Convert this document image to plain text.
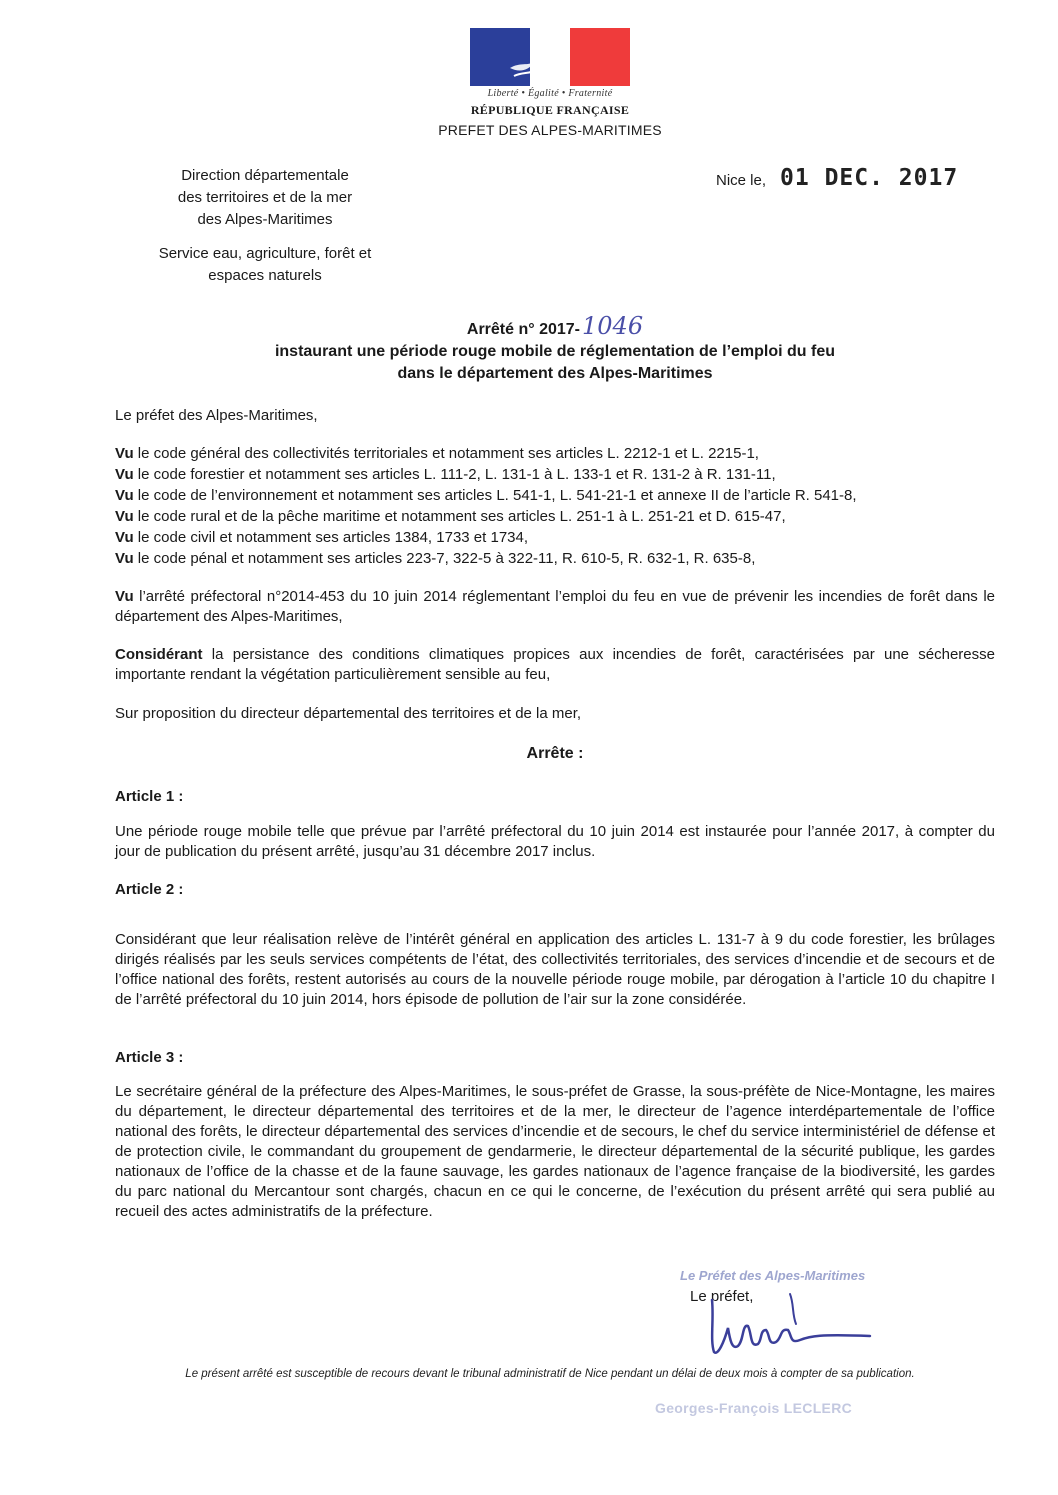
Liberté • Égalité • Fraternité
RÉPUBLIQUE FRANÇAISE
PREFET DES ALPES-MARITIMES

Direction départementale

des territoires et de la mer

des Alpes-Maritimes

Service eau, agriculture, forêt et

espaces naturels

Nice le, 01 DEC. 2017
Arrêté n° 2017-1046
instaurant une période rouge mobile de réglementation de l’emploi du feu
dans le département des Alpes-Maritimes
Le préfet des Alpes-Maritimes,
Vu le code général des collectivités territoriales et notamment ses articles L. 2212-1 et L. 2215-1,
Vu le code forestier et notamment ses articles L. 111-2, L. 131-1 à L. 133-1 et R. 131-2 à R. 131-11,
Vu le code de l’environnement et notamment ses articles L. 541-1, L. 541-21-1 et annexe II de l’article R. 541-8,
Vu le code rural et de la pêche maritime et notamment ses articles L. 251-1 à L. 251-21 et D. 615-47,
Vu le code civil et notamment ses articles 1384, 1733 et 1734,
Vu le code pénal et notamment ses articles 223-7, 322-5 à 322-11, R. 610-5, R. 632-1, R. 635-8,
Vu l’arrêté préfectoral n°2014-453 du 10 juin 2014 réglementant l’emploi du feu en vue de prévenir les incendies de forêt dans le département des Alpes-Maritimes,
Considérant la persistance des conditions climatiques propices aux incendies de forêt, caractérisées par une sécheresse importante rendant la végétation particulièrement sensible au feu,
Sur proposition du directeur départemental des territoires et de la mer,
Arrête :
Article 1 :
Une période rouge mobile telle que prévue par l’arrêté préfectoral du 10 juin 2014 est instaurée pour l’année 2017, à compter du jour de publication du présent arrêté, jusqu’au 31 décembre 2017 inclus.
Article 2 :
Considérant que leur réalisation relève de l’intérêt général en application des articles L. 131-7 à 9 du code forestier, les brûlages dirigés réalisés par les seuls services compétents de l’état, des collectivités territoriales, des services d’incendie et de secours et de l’office national des forêts, restent autorisés au cours de la nouvelle période rouge mobile, par dérogation à l’article 10 du chapitre I de l’arrêté préfectoral du 10 juin 2014, hors épisode de pollution de l’air sur la zone considérée.
Article 3 :
Le secrétaire général de la préfecture des Alpes-Maritimes, le sous-préfet de Grasse, la sous-préfète de Nice-Montagne, les maires du département, le directeur départemental des territoires et de la mer, le directeur de l’agence interdépartementale de l’office national des forêts, le directeur départemental des services d’incendie et de secours, le chef du service interministériel de défense et de protection civile, le commandant du groupement de gendarmerie, le directeur départemental de la sécurité publique, les gardes nationaux de l’office de la chasse et de la faune sauvage, les gardes nationaux de l’agence française de la biodiversité, les gardes du parc national du Mercantour sont chargés, chacun en ce qui le concerne, de l’exécution du présent arrêté qui sera publié au recueil des actes administratifs de la préfecture.
Le Préfet des Alpes-Maritimes
Le préfet,
Le présent arrêté est susceptible de recours devant le tribunal administratif de Nice pendant un délai de deux mois à compter de sa publication.
Georges-François LECLERC
